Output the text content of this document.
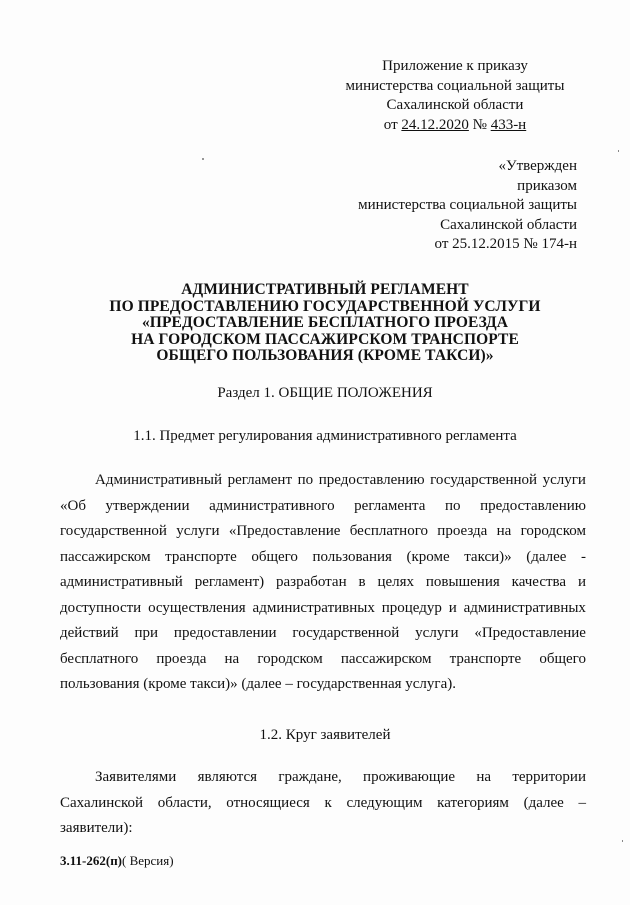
Приложение к приказу
министерства социальной защиты
Сахалинской области
от 24.12.2020 № 433-н
«Утвержден
приказом
министерства социальной защиты
Сахалинской области
от 25.12.2015 № 174-н
АДМИНИСТРАТИВНЫЙ РЕГЛАМЕНТ
ПО ПРЕДОСТАВЛЕНИЮ ГОСУДАРСТВЕННОЙ УСЛУГИ
«ПРЕДОСТАВЛЕНИЕ БЕСПЛАТНОГО ПРОЕЗДА
НА ГОРОДСКОМ ПАССАЖИРСКОМ ТРАНСПОРТЕ
ОБЩЕГО ПОЛЬЗОВАНИЯ (КРОМЕ ТАКСИ)»
Раздел 1. ОБЩИЕ ПОЛОЖЕНИЯ
1.1. Предмет регулирования административного регламента
Административный регламент по предоставлению государственной услуги
«Об утверждении административного регламента по предоставлению
государственной услуги «Предоставление бесплатного проезда на городском
пассажирском транспорте общего пользования (кроме такси)» (далее -
административный регламент) разработан в целях повышения качества и
доступности осуществления административных процедур и административных
действий при предоставлении государственной услуги «Предоставление
бесплатного проезда на городском пассажирском транспорте общего
пользования (кроме такси)» (далее – государственная услуга).
1.2. Круг заявителей
Заявителями являются граждане, проживающие на территории
Сахалинской области, относящиеся к следующим категориям (далее –
заявители):
3.11-262(п)( Версия)
